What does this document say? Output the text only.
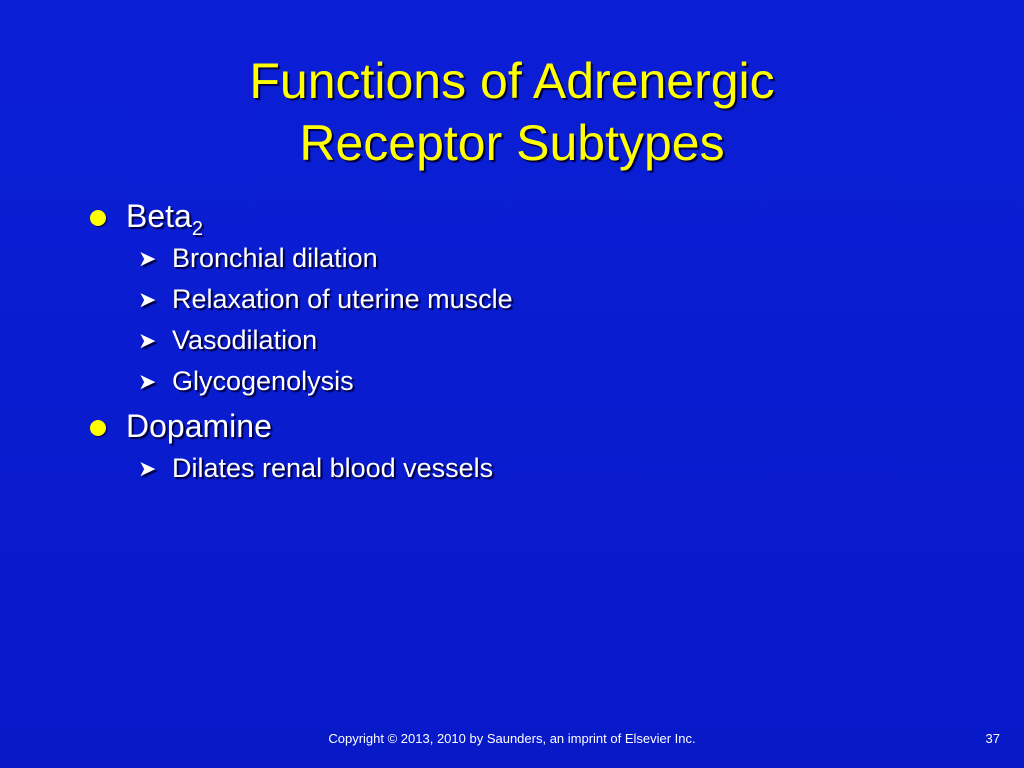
Functions of Adrenergic
Receptor Subtypes
Beta$_2$
➤ Bronchial dilation
➤ Relaxation of uterine muscle
➤ Vasodilation
➤ Glycogenolysis
Dopamine
➤ Dilates renal blood vessels
Copyright © 2013, 2010 by Saunders, an imprint of Elsevier Inc.	37
